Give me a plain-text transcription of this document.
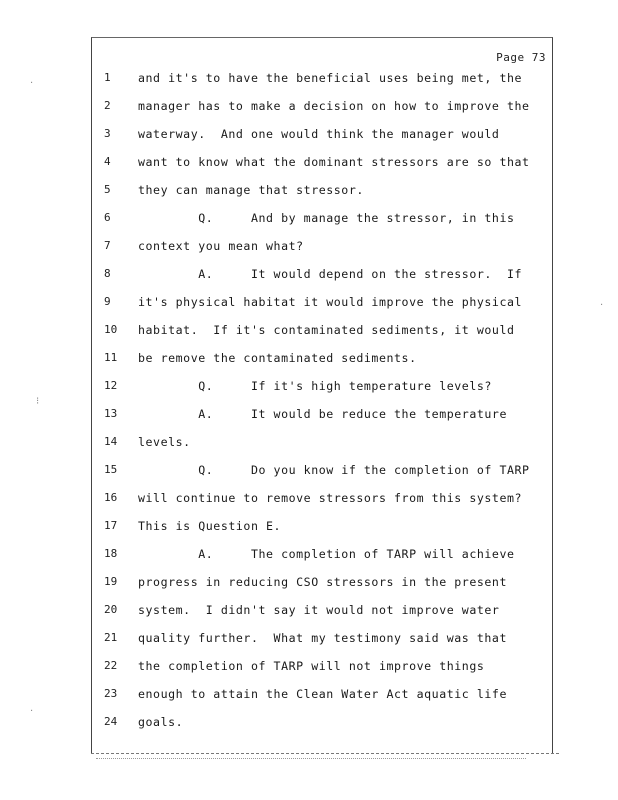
Page 73
1	and it's to have the beneficial uses being met, the
2	manager has to make a decision on how to improve the
3	waterway.  And one would think the manager would
4	want to know what the dominant stressors are so that
5	they can manage that stressor.
6	Q.     And by manage the stressor, in this
7	context you mean what?
8	A.     It would depend on the stressor.  If
9	it's physical habitat it would improve the physical
10	habitat.  If it's contaminated sediments, it would
11	be remove the contaminated sediments.
12	Q.     If it's high temperature levels?
13	A.     It would be reduce the temperature
14	levels.
15	Q.     Do you know if the completion of TARP
16	will continue to remove stressors from this system?
17	This is Question E.
18	A.     The completion of TARP will achieve
19	progress in reducing CSO stressors in the present
20	system.  I didn't say it would not improve water
21	quality further.  What my testimony said was that
22	the completion of TARP will not improve things
23	enough to attain the Clean Water Act aquatic life
24	goals.
·
⁝
·
·
